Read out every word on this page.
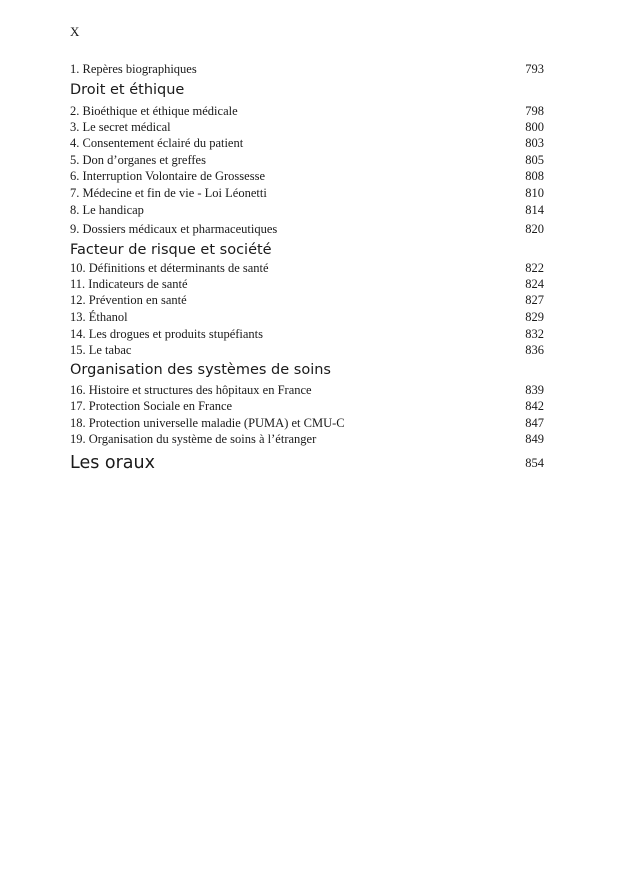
X
1. Repères biographiques	793
Droit et éthique
2. Bioéthique et éthique médicale	798
3. Le secret médical	800
4. Consentement éclairé du patient	803
5. Don d’organes et greffes	805
6. Interruption Volontaire de Grossesse	808
7. Médecine et fin de vie - Loi Léonetti	810
8. Le handicap	814
9. Dossiers médicaux et pharmaceutiques	820
Facteur de risque et société
10. Définitions et déterminants de santé	822
11. Indicateurs de santé	824
12. Prévention en santé	827
13. Éthanol	829
14. Les drogues et produits stupéfiants	832
15. Le tabac	836
Organisation des systèmes de soins
16. Histoire et structures des hôpitaux en France	839
17. Protection Sociale en France	842
18. Protection universelle maladie (PUMA) et CMU-C	847
19. Organisation du système de soins à l’étranger	849
Les oraux	854
